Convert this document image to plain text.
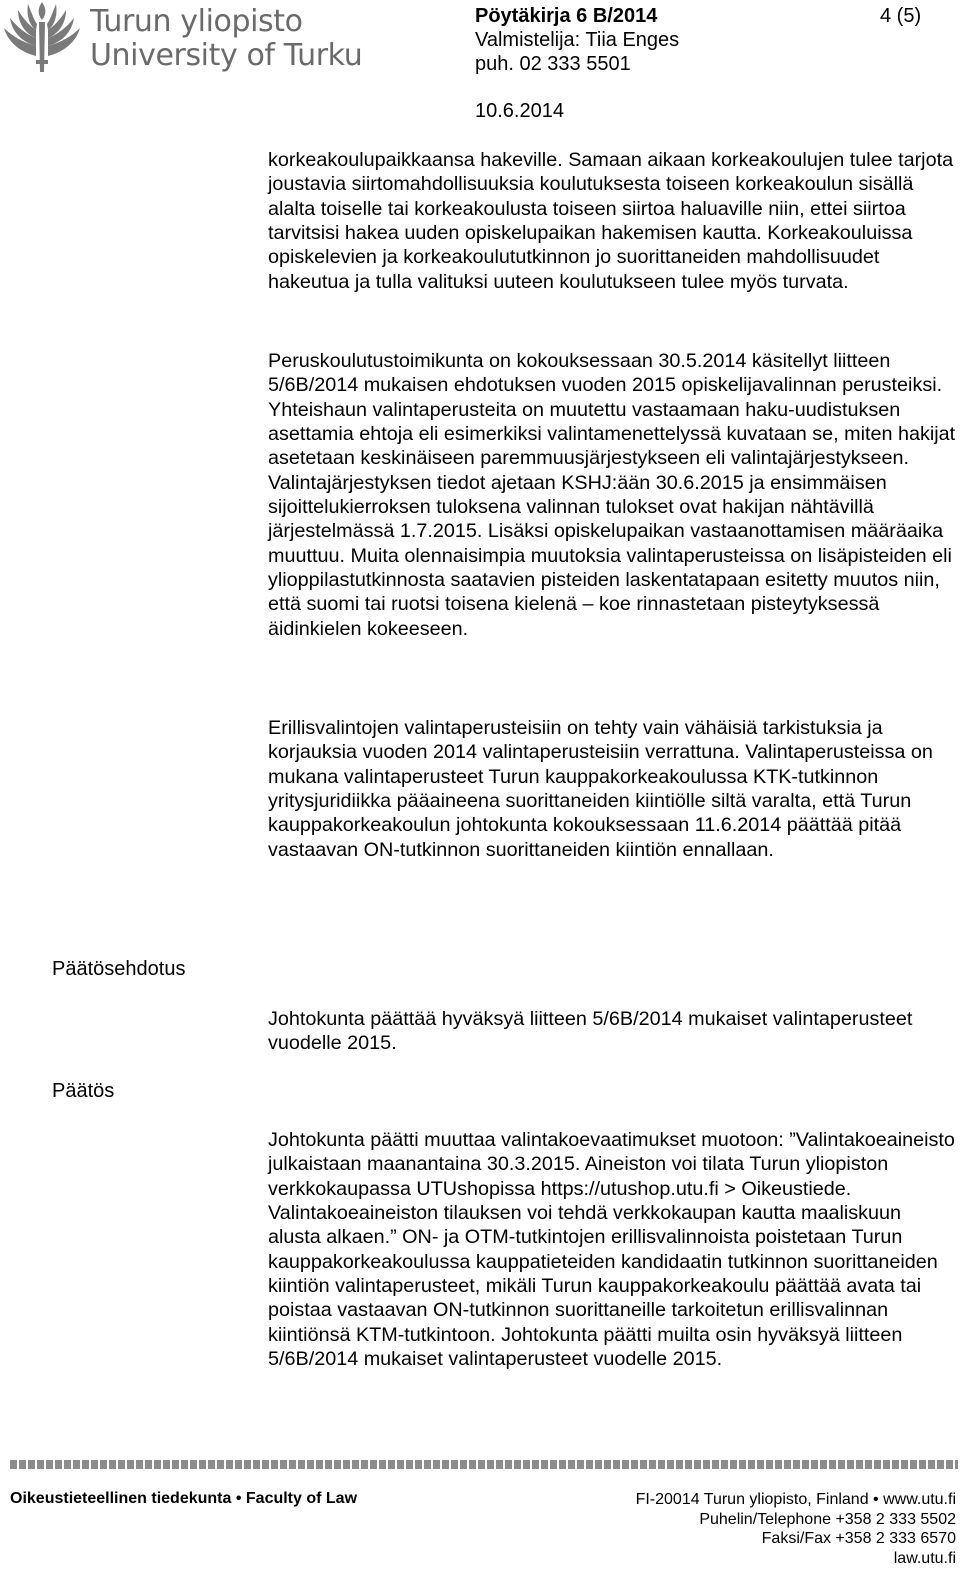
Turun yliopisto
University of Turku
Pöytäkirja 6 B/2014
Valmistelija: Tiia Enges
puh. 02 333 5501
4 (5)
10.6.2014

korkeakoulupaikkaansa hakeville. Samaan aikaan korkeakoulujen tulee tarjota joustavia siirtomahdollisuuksia koulutuksesta toiseen korkeakoulun sisällä alalta toiselle tai korkeakoulusta toiseen siirtoa haluaville niin, ettei siirtoa tarvitsisi hakea uuden opiskelupaikan hakemisen kautta. Korkeakouluissa opiskelevien ja korkeakoulututkinnon jo suorittaneiden mahdollisuudet hakeutua ja tulla valituksi uuteen koulutukseen tulee myös turvata.

Peruskoulutustoimikunta on kokouksessaan 30.5.2014 käsitellyt liitteen 5/6B/2014 mukaisen ehdotuksen vuoden 2015 opiskelijavalinnan perusteiksi. Yhteishaun valintaperusteita on muutettu vastaamaan haku-uudistuksen asettamia ehtoja eli esimerkiksi valintamenettelyssä kuvataan se, miten hakijat asetetaan keskinäiseen paremmuusjärjestykseen eli valintajärjestykseen. Valintajärjestyksen tiedot ajetaan KSHJ:ään 30.6.2015 ja ensimmäisen sijoittelukierroksen tuloksena valinnan tulokset ovat hakijan nähtävillä järjestelmässä 1.7.2015. Lisäksi opiskelupaikan vastaanottamisen määräaika muuttuu. Muita olennaisimpia muutoksia valintaperusteissa on lisäpisteiden eli ylioppilastutkinnosta saatavien pisteiden laskentatapaan esitetty muutos niin, että suomi tai ruotsi toisena kielenä – koe rinnastetaan pisteytyksessä äidinkielen kokeeseen.

Erillisvalintojen valintaperusteisiin on tehty vain vähäisiä tarkistuksia ja korjauksia vuoden 2014 valintaperusteisiin verrattuna. Valintaperusteissa on mukana valintaperusteet Turun kauppakorkeakoulussa KTK-tutkinnon yritysjuridiikka pääaineena suorittaneiden kiintiölle siltä varalta, että Turun kauppakorkeakoulun johtokunta kokouksessaan 11.6.2014 päättää pitää vastaavan ON-tutkinnon suorittaneiden kiintiön ennallaan.

Päätösehdotus

Johtokunta päättää hyväksyä liitteen 5/6B/2014 mukaiset valintaperusteet vuodelle 2015.

Päätös

Johtokunta päätti muuttaa valintakoevaatimukset muotoon: ”Valintakoeaineisto julkaistaan maanantaina 30.3.2015. Aineiston voi tilata Turun yliopiston verkkokaupassa UTUshopissa https://utushop.utu.fi > Oikeustiede. Valintakoeaineiston tilauksen voi tehdä verkkokaupan kautta maaliskuun alusta alkaen.” ON- ja OTM-tutkintojen erillisvalinnoista poistetaan Turun kauppakorkeakoulussa kauppatieteiden kandidaatin tutkinnon suorittaneiden kiintiön valintaperusteet, mikäli Turun kauppakorkeakoulu päättää avata tai poistaa vastaavan ON-tutkinnon suorittaneille tarkoitetun erillisvalinnan kiintiönsä KTM-tutkintoon. Johtokunta päätti muilta osin hyväksyä liitteen 5/6B/2014 mukaiset valintaperusteet vuodelle 2015.

Oikeustieteellinen tiedekunta • Faculty of Law	FI-20014 Turun yliopisto, Finland • www.utu.fi
Puhelin/Telephone +358 2 333 5502
Faksi/Fax +358 2 333 6570
law.utu.fi
